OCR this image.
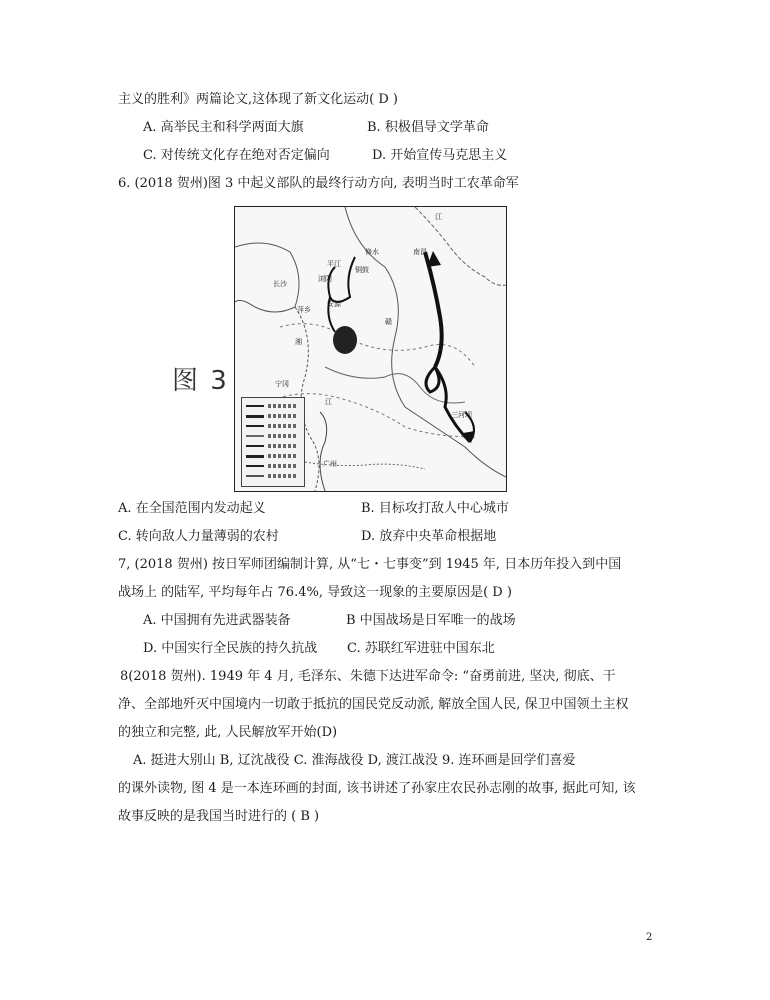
主义的胜利》两篇论文,这体现了新文化运动( D )
A. 高举民主和科学两面大旗	B. 积极倡导文学革命
C. 对传统文化存在绝对否定偏向	D. 开始宣传马克思主义
6. (2018 贺州)图 3 中起义部队的最终行动方向, 表明当时工农革命军
图 3
修水
平江
铜鼓
浏阳
长沙
安源
萍乡
南昌
宁冈
三河坝
广州
江
赣
湘
江
A. 在全国范围内发动起义	B. 目标攻打敌人中心城市
C. 转向敌人力量薄弱的农村	D. 放弃中央革命根据地
7, (2018 贺州) 按日军师团编制计算, 从“七・七事变”到 1945 年, 日本历年投入到中国
战场上 的陆军, 平均每年占 76.4%, 导致这一现象的主要原因是( D )
A. 中国拥有先进武器装备	B 中国战场是日军唯一的战场
D. 中国实行全民族的持久抗战 C. 苏联红军进驻中国东北
8(2018 贺州). 1949 年 4 月, 毛泽东、朱德下达进军命令: “奋勇前进, 坚决, 彻底、干
净、全部地歼灭中国境内一切敢于抵抗的国民党反动派, 解放全国人民, 保卫中国领土主权
的独立和完整, 此, 人民解放军开始(D)
A. 挺进大别山 B, 辽沈战役 C. 淮海战役 D, 渡江战没 9. 连环画是回学们喜爱
的课外读物, 图 4 是一本连环画的封面, 该书讲述了孙家庄农民孙志刚的故事, 据此可知, 该
故事反映的是我国当时进行的 ( B )
2
